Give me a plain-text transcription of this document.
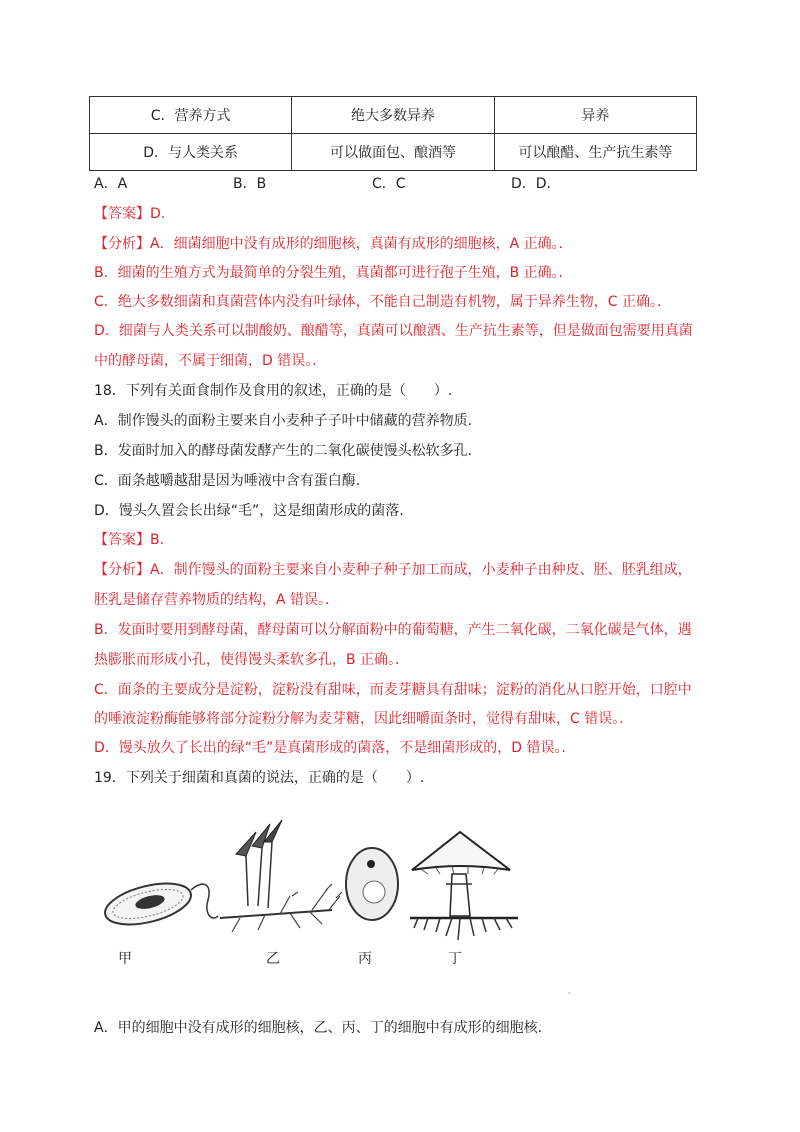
C．营养方式	绝大多数异养	异养
D．与人类关系	可以做面包、酿酒等	可以酿醋、生产抗生素等
A．A	B．B	C．C	D．D.
【答案】D.
【分析】A．细菌细胞中没有成形的细胞核，真菌有成形的细胞核，A 正确。．
B．细菌的生殖方式为最简单的分裂生殖，真菌都可进行孢子生殖，B 正确。．
C．绝大多数细菌和真菌营体内没有叶绿体，不能自己制造有机物，属于异养生物，C 正确。．
D．细菌与人类关系可以制酸奶、酿醋等，真菌可以酿酒、生产抗生素等，但是做面包需要用真菌
中的酵母菌，不属于细菌，D 错误。．
18．下列有关面食制作及食用的叙述，正确的是（　　）.
A．制作馒头的面粉主要来自小麦种子子叶中储藏的营养物质.
B．发面时加入的酵母菌发酵产生的二氧化碳使馒头松软多孔.
C．面条越嚼越甜是因为唾液中含有蛋白酶.
D．馒头久置会长出绿“毛”，这是细菌形成的菌落.
【答案】B.
【分析】A．制作馒头的面粉主要来自小麦种子种子加工而成，小麦种子由种皮、胚、胚乳组成，
胚乳是储存营养物质的结构，A 错误。．
B．发面时要用到酵母菌，酵母菌可以分解面粉中的葡萄糖，产生二氧化碳，二氧化碳是气体，遇
热膨胀而形成小孔，使得馒头柔软多孔，B 正确。．
C．面条的主要成分是淀粉，淀粉没有甜味，而麦芽糖具有甜味；淀粉的消化从口腔开始，口腔中
的唾液淀粉酶能够将部分淀粉分解为麦芽糖，因此细嚼面条时，觉得有甜味，C 错误。．
D．馒头放久了长出的绿“毛”是真菌形成的菌落，不是细菌形成的，D 错误。．
19．下列关于细菌和真菌的说法，正确的是（　　）.
甲	乙	丙	丁
、
A．甲的细胞中没有成形的细胞核，乙、丙、丁的细胞中有成形的细胞核.
